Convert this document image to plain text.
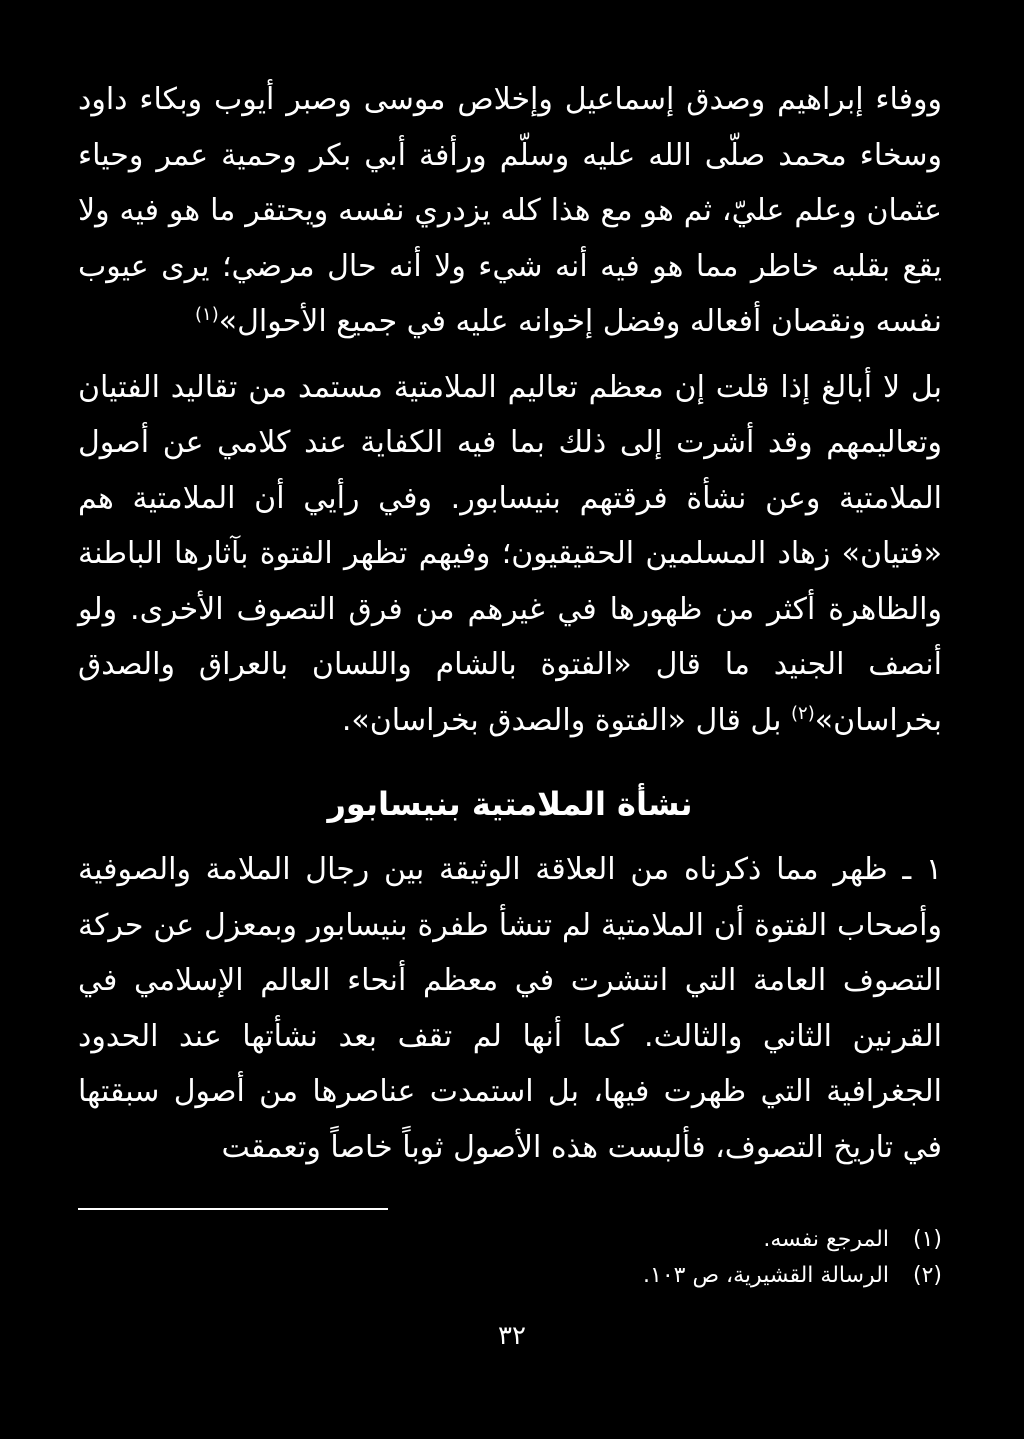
ووفاء إبراهيم وصدق إسماعيل وإخلاص موسى وصبر أيوب وبكاء داود وسخاء محمد صلّى الله عليه وسلّم ورأفة أبي بكر وحمية عمر وحياء عثمان وعلم عليّ، ثم هو مع هذا كله يزدري نفسه ويحتقر ما هو فيه ولا يقع بقلبه خاطر مما هو فيه أنه شيء ولا أنه حال مرضي؛ يرى عيوب نفسه ونقصان أفعاله وفضل إخوانه عليه في جميع الأحوال»$^{(١)}$

بل لا أبالغ إذا قلت إن معظم تعاليم الملامتية مستمد من تقاليد الفتيان وتعاليمهم وقد أشرت إلى ذلك بما فيه الكفاية عند كلامي عن أصول الملامتية وعن نشأة فرقتهم بنيسابور. وفي رأيي أن الملامتية هم «فتيان» زهاد المسلمين الحقيقيون؛ وفيهم تظهر الفتوة بآثارها الباطنة والظاهرة أكثر من ظهورها في غيرهم من فرق التصوف الأخرى. ولو أنصف الجنيد ما قال «الفتوة بالشام واللسان بالعراق والصدق بخراسان»$^{(٢)}$ بل قال «الفتوة والصدق بخراسان».

نشأة الملامتية بنيسابور

١ ـ ظهر مما ذكرناه من العلاقة الوثيقة بين رجال الملامة والصوفية وأصحاب الفتوة أن الملامتية لم تنشأ طفرة بنيسابور وبمعزل عن حركة التصوف العامة التي انتشرت في معظم أنحاء العالم الإسلامي في القرنين الثاني والثالث. كما أنها لم تقف بعد نشأتها عند الحدود الجغرافية التي ظهرت فيها، بل استمدت عناصرها من أصول سبقتها في تاريخ التصوف، فألبست هذه الأصول ثوباً خاصاً وتعمقت

(١) المرجع نفسه.
(٢) الرسالة القشيرية، ص ١٠٣.
٣٢
